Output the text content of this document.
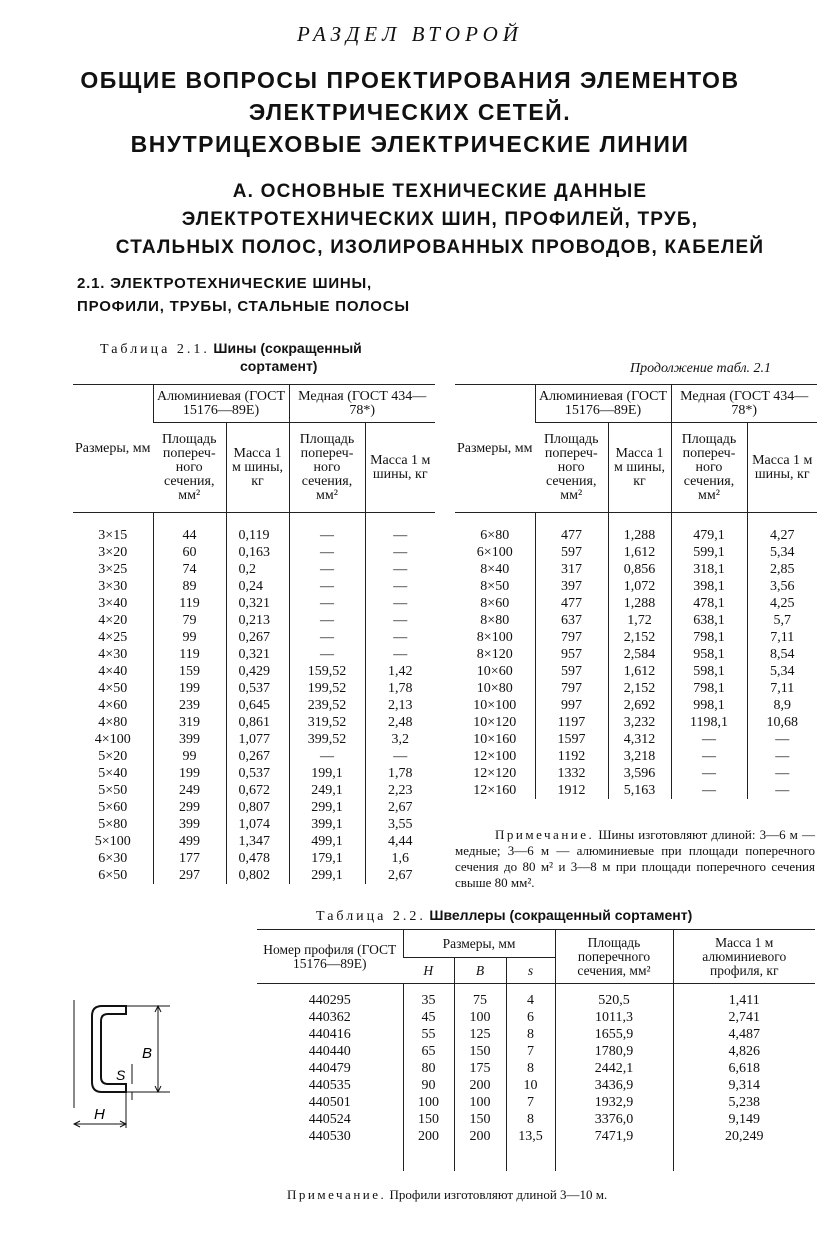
РАЗДЕЛ ВТОРОЙ
ОБЩИЕ ВОПРОСЫ ПРОЕКТИРОВАНИЯ ЭЛЕМЕНТОВ
ЭЛЕКТРИЧЕСКИХ СЕТЕЙ.
ВНУТРИЦЕХОВЫЕ ЭЛЕКТРИЧЕСКИЕ ЛИНИИ
А. ОСНОВНЫЕ ТЕХНИЧЕСКИЕ ДАННЫЕ
ЭЛЕКТРОТЕХНИЧЕСКИХ ШИН, ПРОФИЛЕЙ, ТРУБ,
СТАЛЬНЫХ ПОЛОС, ИЗОЛИРОВАННЫХ ПРОВОДОВ, КАБЕЛЕЙ
2.1. ЭЛЕКТРОТЕХНИЧЕСКИЕ ШИНЫ,
ПРОФИЛИ, ТРУБЫ, СТАЛЬНЫЕ ПОЛОСЫ
Таблица 2.1. Шины (сокращенный
сортамент)	Продолжение табл. 2.1
Размеры, мм	Алюминиевая (ГОСТ 15176—89Е)		Медная (ГОСТ 434—78*)	
	Площадь попереч- ного сечения, мм²	Масса 1 м шины, кг	Площадь попереч- ного сечения, мм²	Масса 1 м шины, кг

3×15	44	0,119	—	—
3×20	60	0,163	—	—
3×25	74	0,2	—	—
3×30	89	0,24	—	—
3×40	119	0,321	—	—
4×20	79	0,213	—	—
4×25	99	0,267	—	—
4×30	119	0,321	—	—
4×40	159	0,429	159,52	1,42
4×50	199	0,537	199,52	1,78
4×60	239	0,645	239,52	2,13
4×80	319	0,861	319,52	2,48
4×100	399	1,077	399,52	3,2
5×20	99	0,267	—	—
5×40	199	0,537	199,1	1,78
5×50	249	0,672	249,1	2,23
5×60	299	0,807	299,1	2,67
5×80	399	1,074	399,1	3,55
5×100	499	1,347	499,1	4,44
6×30	177	0,478	179,1	1,6
6×50	297	0,802	299,1	2,67
Размеры, мм	Алюминиевая (ГОСТ 15176—89Е)		Медная (ГОСТ 434—78*)	
	Площадь попереч- ного сечения, мм²	Масса 1 м шины, кг	Площадь попереч- ного сечения, мм²	Масса 1 м шины, кг

6×80	477	1,288	479,1	4,27
6×100	597	1,612	599,1	5,34
8×40	317	0,856	318,1	2,85
8×50	397	1,072	398,1	3,56
8×60	477	1,288	478,1	4,25
8×80	637	1,72	638,1	5,7
8×100	797	2,152	798,1	7,11
8×120	957	2,584	958,1	8,54
10×60	597	1,612	598,1	5,34
10×80	797	2,152	798,1	7,11
10×100	997	2,692	998,1	8,9
10×120	1197	3,232	1198,1	10,68
10×160	1597	4,312	—	—
12×100	1192	3,218	—	—
12×120	1332	3,596	—	—
12×160	1912	5,163	—	—
Примечание. Шины изготовляют длиной: 3—6 м — медные; 3—6 м — алюминиевые при площади поперечного сечения до 80 м² и 3—8 м при площади поперечного сечения свыше 80 мм².
Таблица 2.2. Швеллеры (сокращенный сортамент)
B
S
H
Номер профиля (ГОСТ 15176—89Е)	Размеры, мм			Площадь поперечного сечения, мм²	Масса 1 м алюминиевого профиля, кг
	H	B	s		

440295	35	75	4	520,5	1,411
440362	45	100	6	1011,3	2,741
440416	55	125	8	1655,9	4,487
440440	65	150	7	1780,9	4,826
440479	80	175	8	2442,1	6,618
440535	90	200	10	3436,9	9,314
440501	100	100	7	1932,9	5,238
440524	150	150	8	3376,0	9,149
440530	200	200	13,5	7471,9	20,249

Примечание. Профили изготовляют длиной 3—10 м.
